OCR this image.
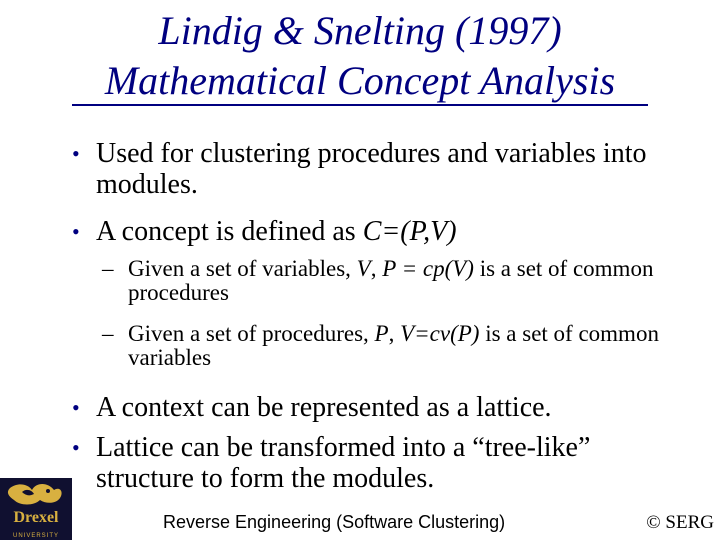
Lindig & Snelting (1997)
Mathematical Concept Analysis
• Used for clustering procedures and variables into modules.
• A concept is defined as C=(P,V)
– Given a set of variables, V, P = cp(V) is a set of common procedures
– Given a set of procedures, P, V=cv(P) is a set of common variables
• A context can be represented as a lattice.
• Lattice can be transformed into a “tree-like” structure to form the modules.
Drexel
UNIVERSITY
Reverse Engineering (Software Clustering)	© SERG
